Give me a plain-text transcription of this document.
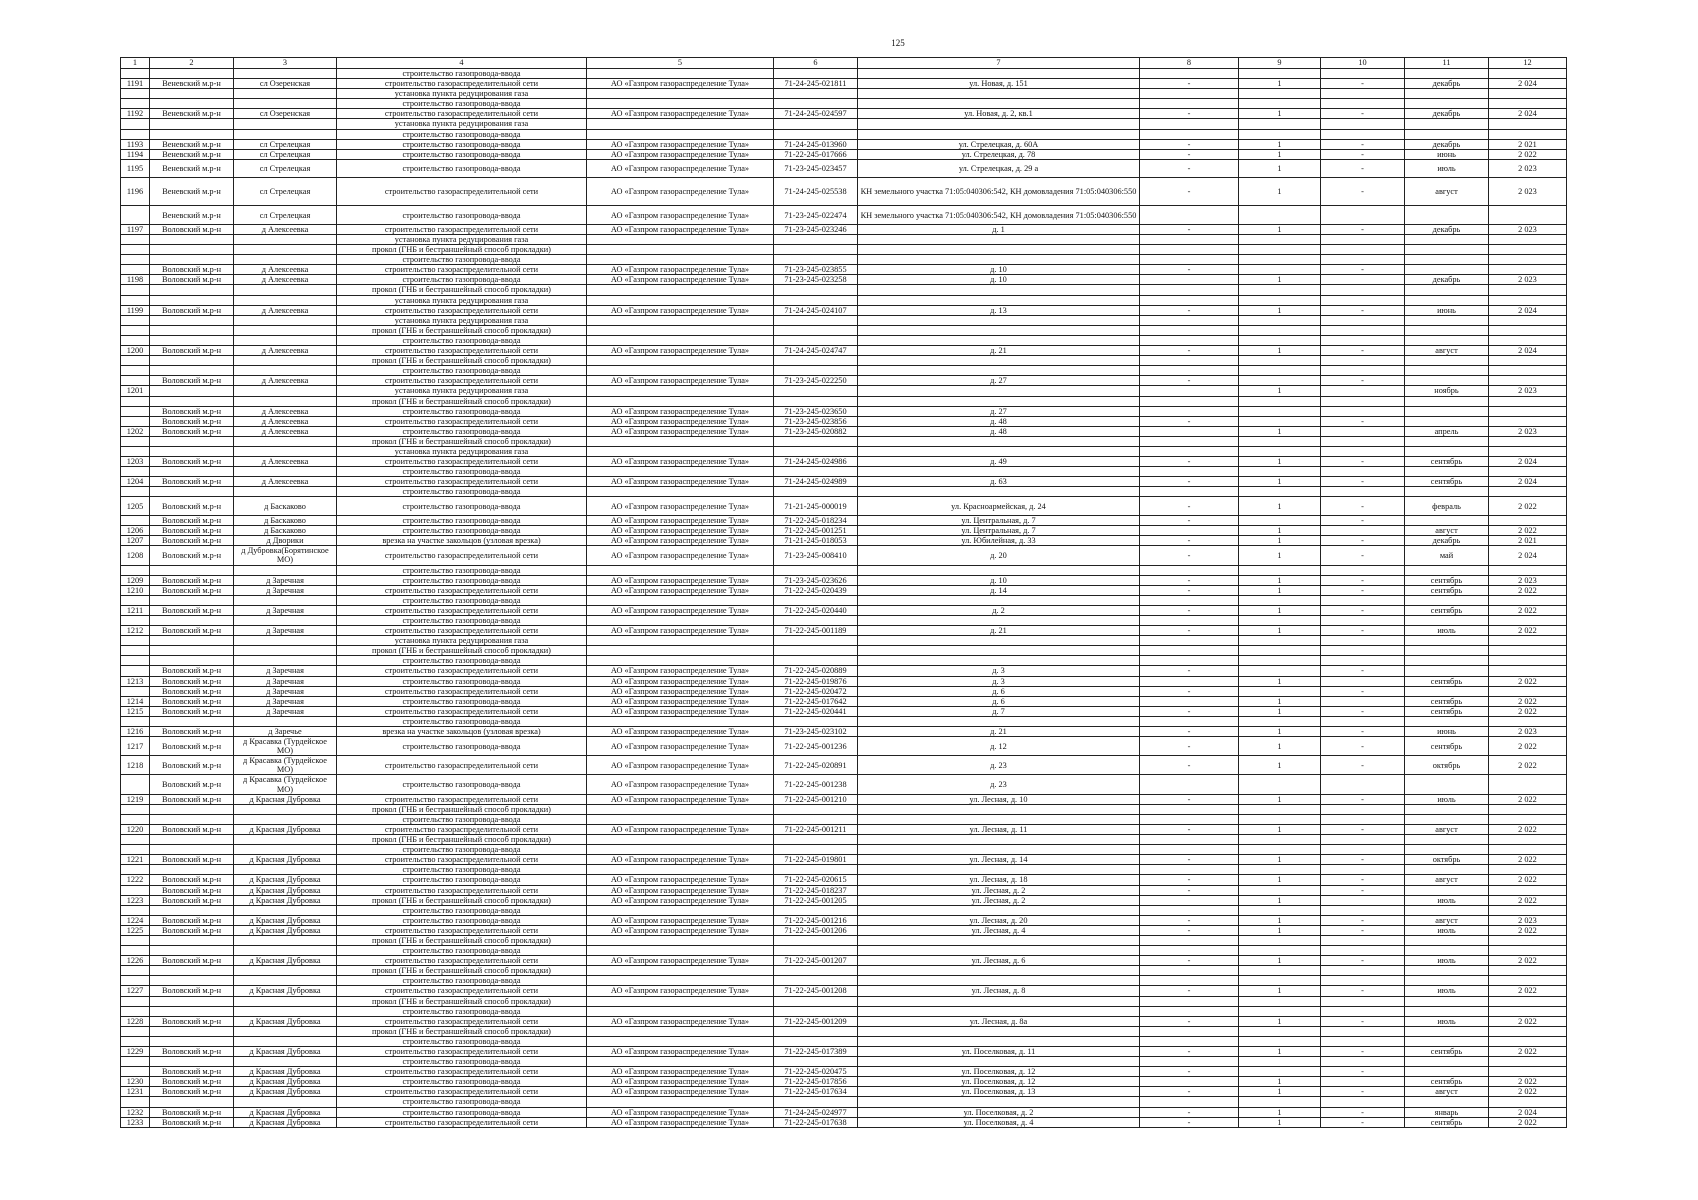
125
1	2	3	4	5	6	7	8	9	10	11	12
			строительство газопровода-ввода								
1191	Веневский м.р-н	сл Озеренская	строительство газораспределительной сети	АО «Газпром газораспределение Тула»	71-24-245-021811	ул. Новая, д. 151	-	1	-	декабрь	2 024
			установка пункта редуцирования газа								
			строительство газопровода-ввода								
1192	Веневский м.р-н	сл Озеренская	строительство газораспределительной сети	АО «Газпром газораспределение Тула»	71-24-245-024597	ул. Новая, д. 2, кв.1	-	1	-	декабрь	2 024
			установка пункта редуцирования газа								
			строительство газопровода-ввода								
1193	Веневский м.р-н	сл Стрелецкая	строительство газопровода-ввода	АО «Газпром газораспределение Тула»	71-24-245-013960	ул. Стрелецкая, д. 60А	-	1	-	декабрь	2 021
1194	Веневский м.р-н	сл Стрелецкая	строительство газопровода-ввода	АО «Газпром газораспределение Тула»	71-22-245-017666	ул. Стрелецкая, д. 78	-	1	-	июнь	2 022
1195	Веневский м.р-н	сл Стрелецкая	строительство газопровода-ввода	АО «Газпром газораспределение Тула»	71-23-245-023457	ул. Стрелецкая, д. 29 а	-	1	-	июль	2 023
1196	Веневский м.р-н	сл Стрелецкая	строительство газораспределительной сети	АО «Газпром газораспределение Тула»	71-24-245-025538	КН земельного участка 71:05:040306:542, КН домовладения 71:05:040306:550	-	1	-	август	2 023
	Веневский м.р-н	сл Стрелецкая	строительство газопровода-ввода	АО «Газпром газораспределение Тула»	71-23-245-022474	КН земельного участка 71:05:040306:542, КН домовладения 71:05:040306:550					
1197	Воловский м.р-н	д Алексеевка	строительство газораспределительной сети	АО «Газпром газораспределение Тула»	71-23-245-023246	д. 1	-	1	-	декабрь	2 023
			установка пункта редуцирования газа								
			прокол (ГНБ и бестраншейный способ прокладки)								
			строительство газопровода-ввода								
	Воловский м.р-н	д Алексеевка	строительство газораспределительной сети	АО «Газпром газораспределение Тула»	71-23-245-023855	д. 10	-		-		
1198	Воловский м.р-н	д Алексеевка	строительство газопровода-ввода	АО «Газпром газораспределение Тула»	71-23-245-023258	д. 10		1		декабрь	2 023
			прокол (ГНБ и бестраншейный способ прокладки)								
			установка пункта редуцирования газа								
1199	Воловский м.р-н	д Алексеевка	строительство газораспределительной сети	АО «Газпром газораспределение Тула»	71-24-245-024107	д. 13	-	1	-	июнь	2 024
			установка пункта редуцирования газа								
			прокол (ГНБ и бестраншейный способ прокладки)								
			строительство газопровода-ввода								
1200	Воловский м.р-н	д Алексеевка	строительство газораспределительной сети	АО «Газпром газораспределение Тула»	71-24-245-024747	д. 21	-	1	-	август	2 024
			прокол (ГНБ и бестраншейный способ прокладки)								
			строительство газопровода-ввода								
	Воловский м.р-н	д Алексеевка	строительство газораспределительной сети	АО «Газпром газораспределение Тула»	71-23-245-022250	д. 27	-		-		
1201			установка пункта редуцирования газа					1		ноябрь	2 023
			прокол (ГНБ и бестраншейный способ прокладки)								
	Воловский м.р-н	д Алексеевка	строительство газопровода-ввода	АО «Газпром газораспределение Тула»	71-23-245-023650	д. 27					
	Воловский м.р-н	д Алексеевка	строительство газораспределительной сети	АО «Газпром газораспределение Тула»	71-23-245-023856	д. 48	-		-		
1202	Воловский м.р-н	д Алексеевка	строительство газопровода-ввода	АО «Газпром газораспределение Тула»	71-23-245-020882	д. 48		1		апрель	2 023
			прокол (ГНБ и бестраншейный способ прокладки)								
			установка пункта редуцирования газа								
1203	Воловский м.р-н	д Алексеевка	строительство газораспределительной сети	АО «Газпром газораспределение Тула»	71-24-245-024986	д. 49	-	1	-	сентябрь	2 024
			строительство газопровода-ввода								
1204	Воловский м.р-н	д Алексеевка	строительство газораспределительной сети	АО «Газпром газораспределение Тула»	71-24-245-024989	д. 63	-	1	-	сентябрь	2 024
			строительство газопровода-ввода								
1205	Воловский м.р-н	д Баскаково	строительство газопровода-ввода	АО «Газпром газораспределение Тула»	71-21-245-000019	ул. Красноармейская, д. 24	-	1	-	февраль	2 022
	Воловский м.р-н	д Баскаково	строительство газопровода-ввода	АО «Газпром газораспределение Тула»	71-22-245-018234	ул. Центральная, д. 7	-		-		
1206	Воловский м.р-н	д Баскаково	строительство газопровода-ввода	АО «Газпром газораспределение Тула»	71-22-245-001251	ул. Центральная, д. 7		1		август	2 022
1207	Воловский м.р-н	д Дворики	врезка на участке закольцов (узловая врезка)	АО «Газпром газораспределение Тула»	71-21-245-018053	ул. Юбилейная, д. 33	-	1	-	декабрь	2 021
1208	Воловский м.р-н	д Дубровка(Борятинское МО)	строительство газораспределительной сети	АО «Газпром газораспределение Тула»	71-23-245-008410	д. 20	-	1	-	май	2 024
			строительство газопровода-ввода								
1209	Воловский м.р-н	д Заречная	строительство газопровода-ввода	АО «Газпром газораспределение Тула»	71-23-245-023626	д. 10	-	1	-	сентябрь	2 023
1210	Воловский м.р-н	д Заречная	строительство газораспределительной сети	АО «Газпром газораспределение Тула»	71-22-245-020439	д. 14	-	1	-	сентябрь	2 022
			строительство газопровода-ввода								
1211	Воловский м.р-н	д Заречная	строительство газораспределительной сети	АО «Газпром газораспределение Тула»	71-22-245-020440	д. 2	-	1	-	сентябрь	2 022
			строительство газопровода-ввода								
1212	Воловский м.р-н	д Заречная	строительство газораспределительной сети	АО «Газпром газораспределение Тула»	71-22-245-001189	д. 21	-	1	-	июль	2 022
			установка пункта редуцирования газа								
			прокол (ГНБ и бестраншейный способ прокладки)								
			строительство газопровода-ввода								
	Воловский м.р-н	д Заречная	строительство газораспределительной сети	АО «Газпром газораспределение Тула»	71-22-245-020889	д. 3	-		-		
1213	Воловский м.р-н	д Заречная	строительство газопровода-ввода	АО «Газпром газораспределение Тула»	71-22-245-019876	д. 3		1		сентябрь	2 022
	Воловский м.р-н	д Заречная	строительство газораспределительной сети	АО «Газпром газораспределение Тула»	71-22-245-020472	д. 6	-		-		
1214	Воловский м.р-н	д Заречная	строительство газопровода-ввода	АО «Газпром газораспределение Тула»	71-22-245-017642	д. 6		1		сентябрь	2 022
1215	Воловский м.р-н	д Заречная	строительство газораспределительной сети	АО «Газпром газораспределение Тула»	71-22-245-020441	д. 7	-	1	-	сентябрь	2 022
			строительство газопровода-ввода								
1216	Воловский м.р-н	д Заречье	врезка на участке закольцов (узловая врезка)	АО «Газпром газораспределение Тула»	71-23-245-023102	д. 21	-	1	-	июнь	2 023
1217	Воловский м.р-н	д Красавка (Турдейское МО)	строительство газопровода-ввода	АО «Газпром газораспределение Тула»	71-22-245-001236	д. 12	-	1	-	сентябрь	2 022
1218	Воловский м.р-н	д Красавка (Турдейское МО)	строительство газораспределительной сети	АО «Газпром газораспределение Тула»	71-22-245-020891	д. 23	-	1	-	октябрь	2 022
	Воловский м.р-н	д Красавка (Турдейское МО)	строительство газопровода-ввода	АО «Газпром газораспределение Тула»	71-22-245-001238	д. 23					
1219	Воловский м.р-н	д Красная Дубровка	строительство газораспределительной сети	АО «Газпром газораспределение Тула»	71-22-245-001210	ул. Лесная, д. 10	-	1	-	июль	2 022
			прокол (ГНБ и бестраншейный способ прокладки)								
			строительство газопровода-ввода								
1220	Воловский м.р-н	д Красная Дубровка	строительство газораспределительной сети	АО «Газпром газораспределение Тула»	71-22-245-001211	ул. Лесная, д. 11	-	1	-	август	2 022
			прокол (ГНБ и бестраншейный способ прокладки)								
			строительство газопровода-ввода								
1221	Воловский м.р-н	д Красная Дубровка	строительство газораспределительной сети	АО «Газпром газораспределение Тула»	71-22-245-019801	ул. Лесная, д. 14	-	1	-	октябрь	2 022
			строительство газопровода-ввода								
1222	Воловский м.р-н	д Красная Дубровка	строительство газопровода-ввода	АО «Газпром газораспределение Тула»	71-22-245-020615	ул. Лесная, д. 18	-	1	-	август	2 022
	Воловский м.р-н	д Красная Дубровка	строительство газораспределительной сети	АО «Газпром газораспределение Тула»	71-22-245-018237	ул. Лесная, д. 2	-		-		
1223	Воловский м.р-н	д Красная Дубровка	прокол (ГНБ и бестраншейный способ прокладки)	АО «Газпром газораспределение Тула»	71-22-245-001205	ул. Лесная, д. 2		1		июль	2 022
			строительство газопровода-ввода								
1224	Воловский м.р-н	д Красная Дубровка	строительство газопровода-ввода	АО «Газпром газораспределение Тула»	71-22-245-001216	ул. Лесная, д. 20	-	1	-	август	2 023
1225	Воловский м.р-н	д Красная Дубровка	строительство газораспределительной сети	АО «Газпром газораспределение Тула»	71-22-245-001206	ул. Лесная, д. 4	-	1	-	июль	2 022
			прокол (ГНБ и бестраншейный способ прокладки)								
			строительство газопровода-ввода								
1226	Воловский м.р-н	д Красная Дубровка	строительство газораспределительной сети	АО «Газпром газораспределение Тула»	71-22-245-001207	ул. Лесная, д. 6	-	1	-	июль	2 022
			прокол (ГНБ и бестраншейный способ прокладки)								
			строительство газопровода-ввода								
1227	Воловский м.р-н	д Красная Дубровка	строительство газораспределительной сети	АО «Газпром газораспределение Тула»	71-22-245-001208	ул. Лесная, д. 8	-	1	-	июль	2 022
			прокол (ГНБ и бестраншейный способ прокладки)								
			строительство газопровода-ввода								
1228	Воловский м.р-н	д Красная Дубровка	строительство газораспределительной сети	АО «Газпром газораспределение Тула»	71-22-245-001209	ул. Лесная, д. 8а	-	1	-	июль	2 022
			прокол (ГНБ и бестраншейный способ прокладки)								
			строительство газопровода-ввода								
1229	Воловский м.р-н	д Красная Дубровка	строительство газораспределительной сети	АО «Газпром газораспределение Тула»	71-22-245-017389	ул. Поселковая, д. 11	-	1	-	сентябрь	2 022
			строительство газопровода-ввода								
	Воловский м.р-н	д Красная Дубровка	строительство газораспределительной сети	АО «Газпром газораспределение Тула»	71-22-245-020475	ул. Поселковая, д. 12	-		-		
1230	Воловский м.р-н	д Красная Дубровка	строительство газопровода-ввода	АО «Газпром газораспределение Тула»	71-22-245-017856	ул. Поселковая, д. 12		1		сентябрь	2 022
1231	Воловский м.р-н	д Красная Дубровка	строительство газораспределительной сети	АО «Газпром газораспределение Тула»	71-22-245-017634	ул. Поселковая, д. 13	-	1	-	август	2 022
			строительство газопровода-ввода								
1232	Воловский м.р-н	д Красная Дубровка	строительство газопровода-ввода	АО «Газпром газораспределение Тула»	71-24-245-024977	ул. Поселковая, д. 2	-	1	-	январь	2 024
1233	Воловский м.р-н	д Красная Дубровка	строительство газораспределительной сети	АО «Газпром газораспределение Тула»	71-22-245-017638	ул. Поселковая, д. 4	-	1	-	сентябрь	2 022
